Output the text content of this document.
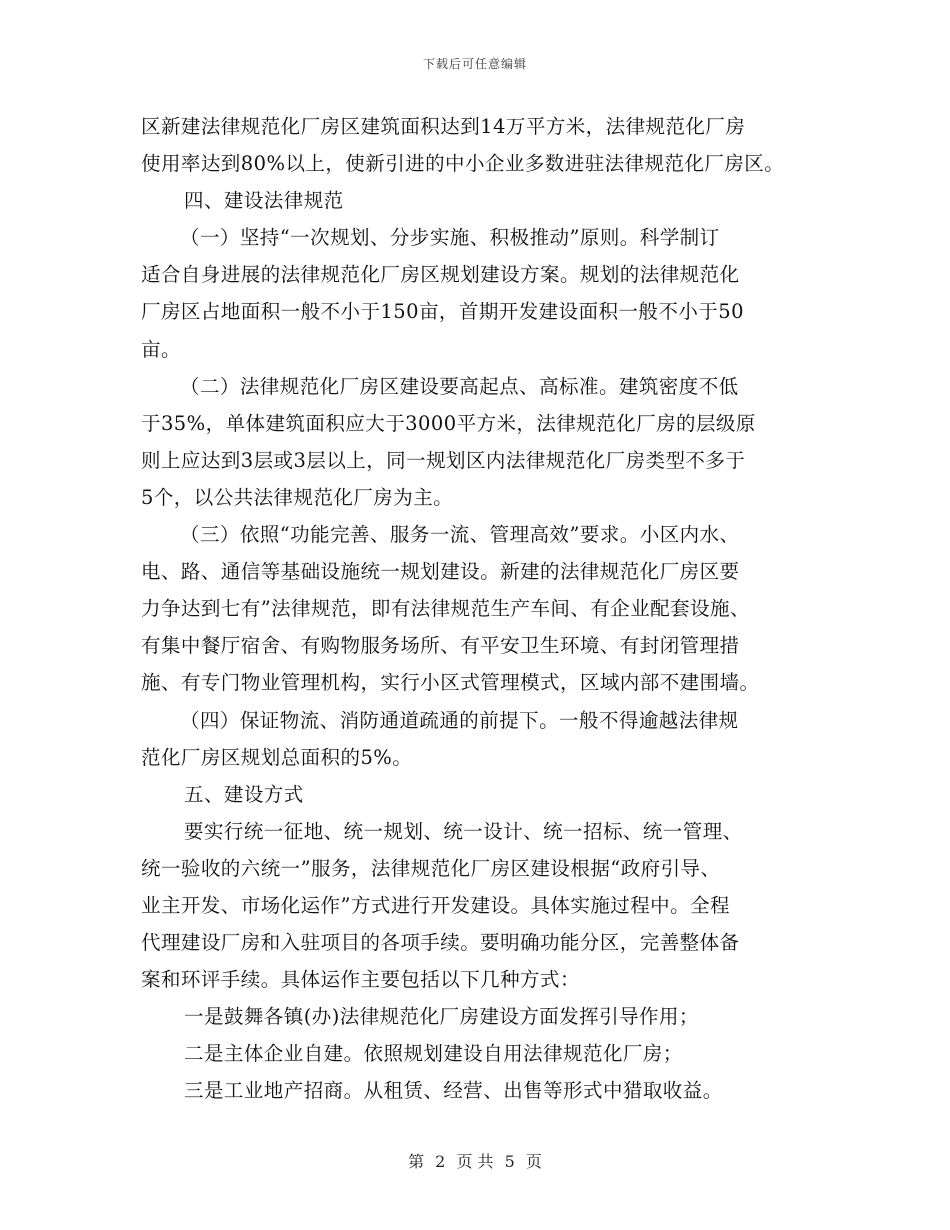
下载后可任意编辑
区新建法律规范化厂房区建筑面积达到14万平方米，法律规范化厂房
使用率达到80%以上，使新引进的中小企业多数进驻法律规范化厂房区。
四、建设法律规范
（一）坚持“一次规划、分步实施、积极推动”原则。科学制订
适合自身进展的法律规范化厂房区规划建设方案。规划的法律规范化
厂房区占地面积一般不小于150亩，首期开发建设面积一般不小于50
亩。
（二）法律规范化厂房区建设要高起点、高标准。建筑密度不低
于35%，单体建筑面积应大于3000平方米，法律规范化厂房的层级原
则上应达到3层或3层以上，同一规划区内法律规范化厂房类型不多于
5个，以公共法律规范化厂房为主。
（三）依照“功能完善、服务一流、管理高效”要求。小区内水、
电、路、通信等基础设施统一规划建设。新建的法律规范化厂房区要
力争达到七有”法律规范，即有法律规范生产车间、有企业配套设施、
有集中餐厅宿舍、有购物服务场所、有平安卫生环境、有封闭管理措
施、有专门物业管理机构，实行小区式管理模式，区域内部不建围墙。
（四）保证物流、消防通道疏通的前提下。一般不得逾越法律规
范化厂房区规划总面积的5%。
五、建设方式
要实行统一征地、统一规划、统一设计、统一招标、统一管理、
统一验收的六统一”服务，法律规范化厂房区建设根据“政府引导、
业主开发、市场化运作”方式进行开发建设。具体实施过程中。全程
代理建设厂房和入驻项目的各项手续。要明确功能分区，完善整体备
案和环评手续。具体运作主要包括以下几种方式：
一是鼓舞各镇(办)法律规范化厂房建设方面发挥引导作用；
二是主体企业自建。依照规划建设自用法律规范化厂房；
三是工业地产招商。从租赁、经营、出售等形式中猎取收益。
第 2 页 共 5 页
